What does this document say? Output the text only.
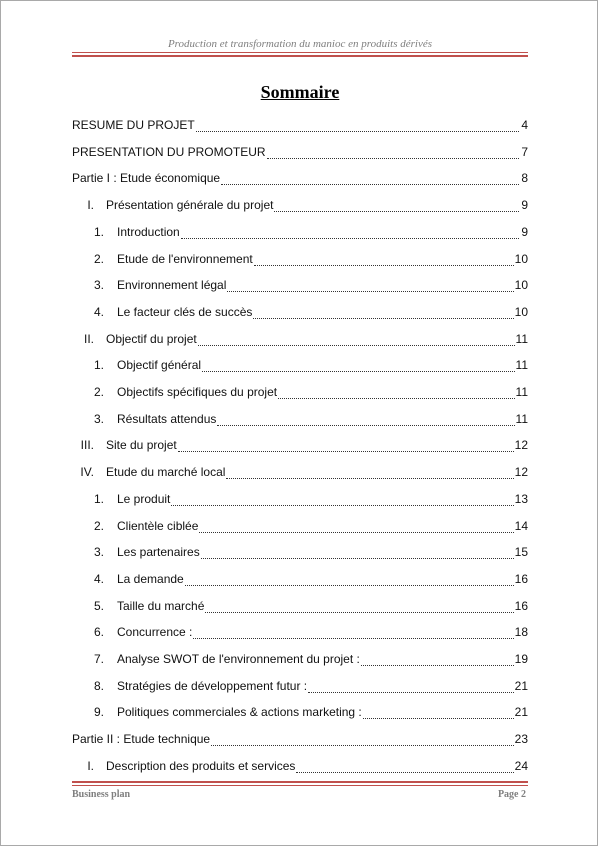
Production et transformation du manioc en produits dérivés
Sommaire
RESUME DU PROJET	4
PRESENTATION DU PROMOTEUR	7
Partie I : Etude économique	8
I. Présentation générale du projet	9
1. Introduction	9
2. Etude de l'environnement	10
3. Environnement légal	10
4. Le facteur clés de succès	10
II. Objectif du projet	11
1. Objectif général	11
2. Objectifs spécifiques du projet	11
3. Résultats attendus	11
III. Site du projet	12
IV. Etude du marché local	12
1. Le produit	13
2. Clientèle ciblée	14
3. Les partenaires	15
4. La demande	16
5. Taille du marché	16
6. Concurrence :	18
7. Analyse SWOT de l'environnement du projet :	19
8. Stratégies de développement futur :	21
9. Politiques commerciales & actions marketing :	21
Partie II : Etude technique	23
I. Description des produits et services	24
Business plan	Page 2
